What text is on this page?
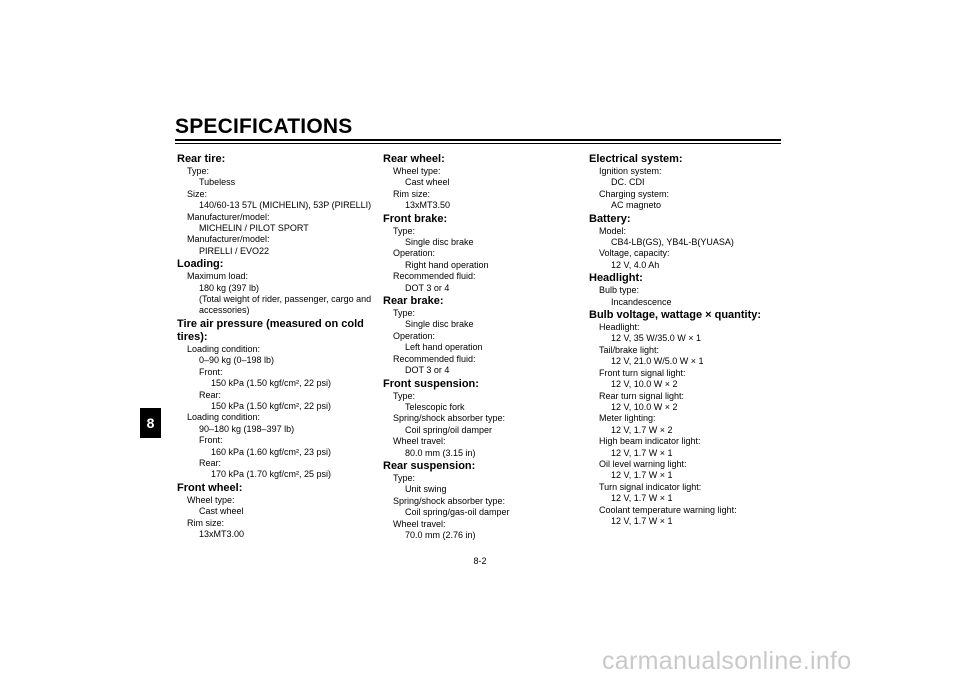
SPECIFICATIONS
8
Rear tire:
Type:
Tubeless
Size:
140/60-13 57L (MICHELIN), 53P (PIRELLI)
Manufacturer/model:
MICHELIN / PILOT SPORT
Manufacturer/model:
PIRELLI / EVO22
Loading:
Maximum load:
180 kg (397 lb)
(Total weight of rider, passenger, cargo and
accessories)
Tire air pressure (measured on cold
tires):
Loading condition:
0–90 kg (0–198 lb)
Front:
150 kPa (1.50 kgf/cm², 22 psi)
Rear:
150 kPa (1.50 kgf/cm², 22 psi)
Loading condition:
90–180 kg (198–397 lb)
Front:
160 kPa (1.60 kgf/cm², 23 psi)
Rear:
170 kPa (1.70 kgf/cm², 25 psi)
Front wheel:
Wheel type:
Cast wheel
Rim size:
13xMT3.00
Rear wheel:
Wheel type:
Cast wheel
Rim size:
13xMT3.50
Front brake:
Type:
Single disc brake
Operation:
Right hand operation
Recommended fluid:
DOT 3 or 4
Rear brake:
Type:
Single disc brake
Operation:
Left hand operation
Recommended fluid:
DOT 3 or 4
Front suspension:
Type:
Telescopic fork
Spring/shock absorber type:
Coil spring/oil damper
Wheel travel:
80.0 mm (3.15 in)
Rear suspension:
Type:
Unit swing
Spring/shock absorber type:
Coil spring/gas-oil damper
Wheel travel:
70.0 mm (2.76 in)
Electrical system:
Ignition system:
DC. CDI
Charging system:
AC magneto
Battery:
Model:
CB4-LB(GS), YB4L-B(YUASA)
Voltage, capacity:
12 V, 4.0 Ah
Headlight:
Bulb type:
Incandescence
Bulb voltage, wattage × quantity:
Headlight:
12 V, 35 W/35.0 W × 1
Tail/brake light:
12 V, 21.0 W/5.0 W × 1
Front turn signal light:
12 V, 10.0 W × 2
Rear turn signal light:
12 V, 10.0 W × 2
Meter lighting:
12 V, 1.7 W × 2
High beam indicator light:
12 V, 1.7 W × 1
Oil level warning light:
12 V, 1.7 W × 1
Turn signal indicator light:
12 V, 1.7 W × 1
Coolant temperature warning light:
12 V, 1.7 W × 1
8-2
carmanualsonline.info
